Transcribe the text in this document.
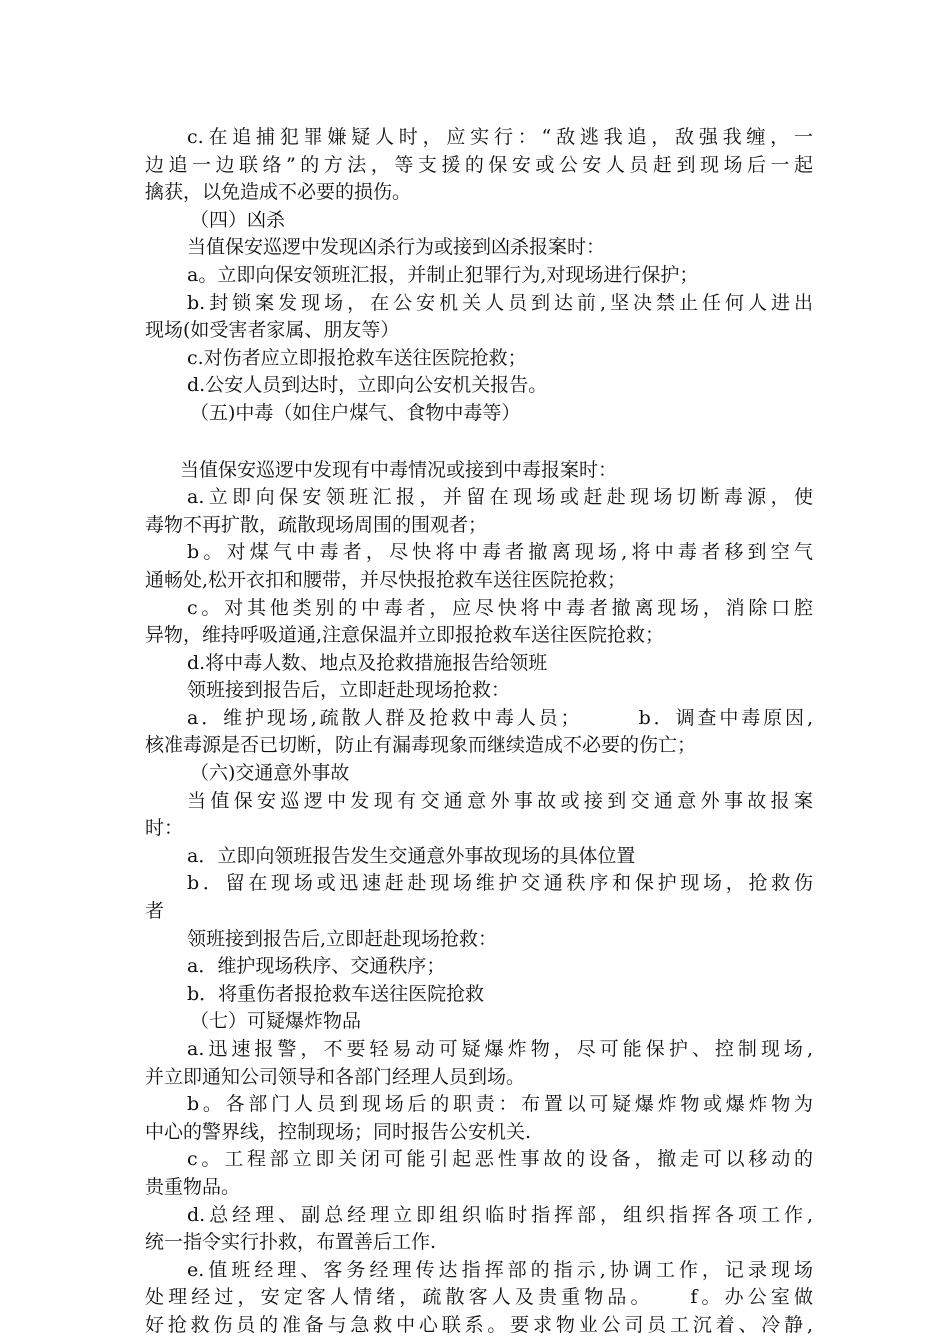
c.在追捕犯罪嫌疑人时，应实行：“敌逃我追，敌强我缠，一
边追一边联络”的方法，等支援的保安或公安人员赶到现场后一起
擒获，以免造成不必要的损伤。
（四）凶杀
当值保安巡逻中发现凶杀行为或接到凶杀报案时：
a。立即向保安领班汇报，并制止犯罪行为,对现场进行保护；
b.封锁案发现场，在公安机关人员到达前,坚决禁止任何人进出
现场(如受害者家属、朋友等）
c.对伤者应立即报抢救车送往医院抢救；
d.公安人员到达时，立即向公安机关报告。
（五)中毒（如住户煤气、食物中毒等）
当值保安巡逻中发现有中毒情况或接到中毒报案时：
a.立即向保安领班汇报，并留在现场或赶赴现场切断毒源，使
毒物不再扩散，疏散现场周围的围观者；
b。对煤气中毒者，尽快将中毒者撤离现场,将中毒者移到空气
通畅处,松开衣扣和腰带，并尽快报抢救车送往医院抢救；
c。对其他类别的中毒者，应尽快将中毒者撤离现场，消除口腔
异物，维持呼吸道通,注意保温并立即报抢救车送往医院抢救；
d.将中毒人数、地点及抢救措施报告给领班
领班接到报告后，立即赶赴现场抢救：
a．维护现场,疏散人群及抢救中毒人员；　　　b．调查中毒原因,
核准毒源是否已切断，防止有漏毒现象而继续造成不必要的伤亡；
（六)交通意外事故
当值保安巡逻中发现有交通意外事故或接到交通意外事故报案
时：
a．立即向领班报告发生交通意外事故现场的具体位置
b．留在现场或迅速赶赴现场维护交通秩序和保护现场，抢救伤
者
领班接到报告后,立即赶赴现场抢救：
a．维护现场秩序、交通秩序；
b．将重伤者报抢救车送往医院抢救
（七）可疑爆炸物品
a.迅速报警，不要轻易动可疑爆炸物，尽可能保护、控制现场,
并立即通知公司领导和各部门经理人员到场。
b。各部门人员到现场后的职责：布置以可疑爆炸物或爆炸物为
中心的警界线，控制现场；同时报告公安机关.
c。工程部立即关闭可能引起恶性事故的设备，撤走可以移动的
贵重物品。
d.总经理、副总经理立即组织临时指挥部，组织指挥各项工作,
统一指令实行扑救，布置善后工作.
e.值班经理、客务经理传达指挥部的指示,协调工作，记录现场
处理经过，安定客人情绪，疏散客人及贵重物品。　　f。办公室做
好抢救伤员的准备与急救中心联系。要求物业公司员工沉着、冷静,
